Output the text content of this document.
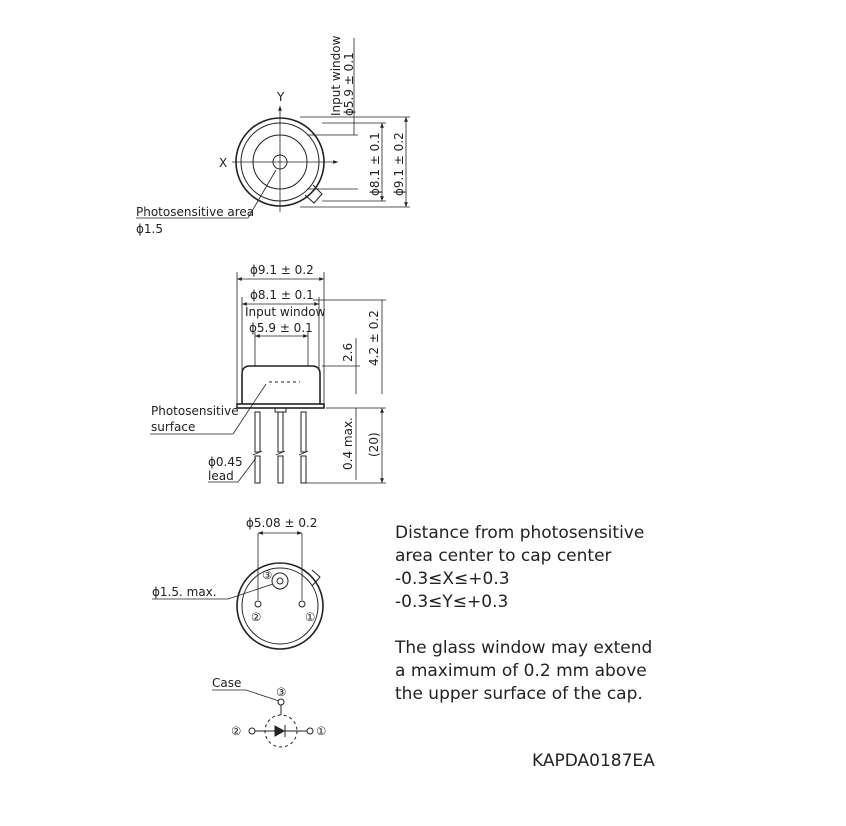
Y
X
Input window ϕ5.9 ± 0.1
ϕ8.1 ± 0.1 ϕ9.1 ± 0.2
Photosensitive area
ϕ1.5
ϕ9.1 ± 0.2
ϕ8.1 ± 0.1
Input window
ϕ5.9 ± 0.1
2.6 4.2 ± 0.2
0.4 max. (20)
Photosensitive
surface
ϕ0.45
lead
ϕ5.08 ± 0.2
③
②	①
ϕ1.5. max.
Case
③
②	①
Distance from photosensitive
area center to cap center
-0.3≤X≤+0.3
-0.3≤Y≤+0.3
The glass window may extend
a maximum of 0.2 mm above
the upper surface of the cap.
KAPDA0187EA
